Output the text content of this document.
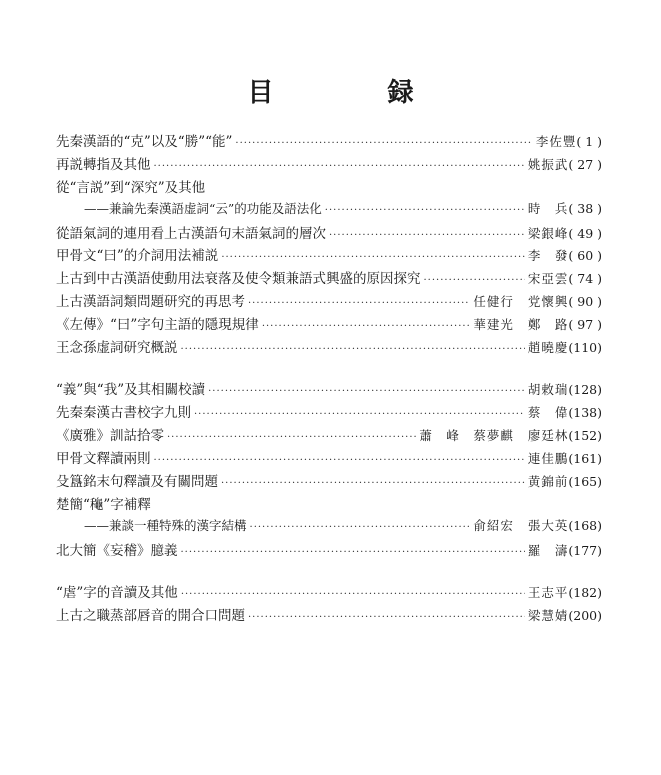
目　録
先秦漢語的“克”以及“勝”“能” ·····	李佐豐 ( 1 )
再説轉指及其他 ·····	姚振武 ( 27 )
從“言説”到“深究”及其他
——兼論先秦漢語虚詞“云”的功能及語法化 ·····	時　兵 ( 38 )
從語氣詞的連用看上古漢語句末語氣詞的層次 ·····	梁銀峰 ( 49 )
甲骨文“曰”的介詞用法補説 ·····	李　發 ( 60 )
上古到中古漢語使動用法衰落及使令類兼語式興盛的原因探究 ·····	宋亞雲 ( 74 )
上古漢語詞類問題研究的再思考 ·····	任健行 党懷興 ( 90 )
《左傳》“曰”字句主語的隱現規律 ·····	華建光 鄭　路 ( 97 )
王念孫虚詞研究概説 ·····	趙曉慶 (110)
“義”與“我”及其相關校讀 ·····	胡敕瑞 (128)
先秦秦漢古書校字九則 ·····	蔡　偉 (138)
《廣雅》訓詁拾零 ·····	蕭　峰　蔡夢麒 廖廷林 (152)
甲骨文釋讀兩則 ·····	連佳鵬 (161)
殳簋銘末句釋讀及有關問題 ·····	黄錦前 (165)
楚簡“龝”字補釋
——兼談一種特殊的漢字結構 ·····	俞紹宏 張大英 (168)
北大簡《妄稽》臆義 ·····	羅　濤 (177)
“虐”字的音讀及其他 ·····	王志平 (182)
上古之職蒸部唇音的開合口問題 ·····	梁慧婧 (200)
